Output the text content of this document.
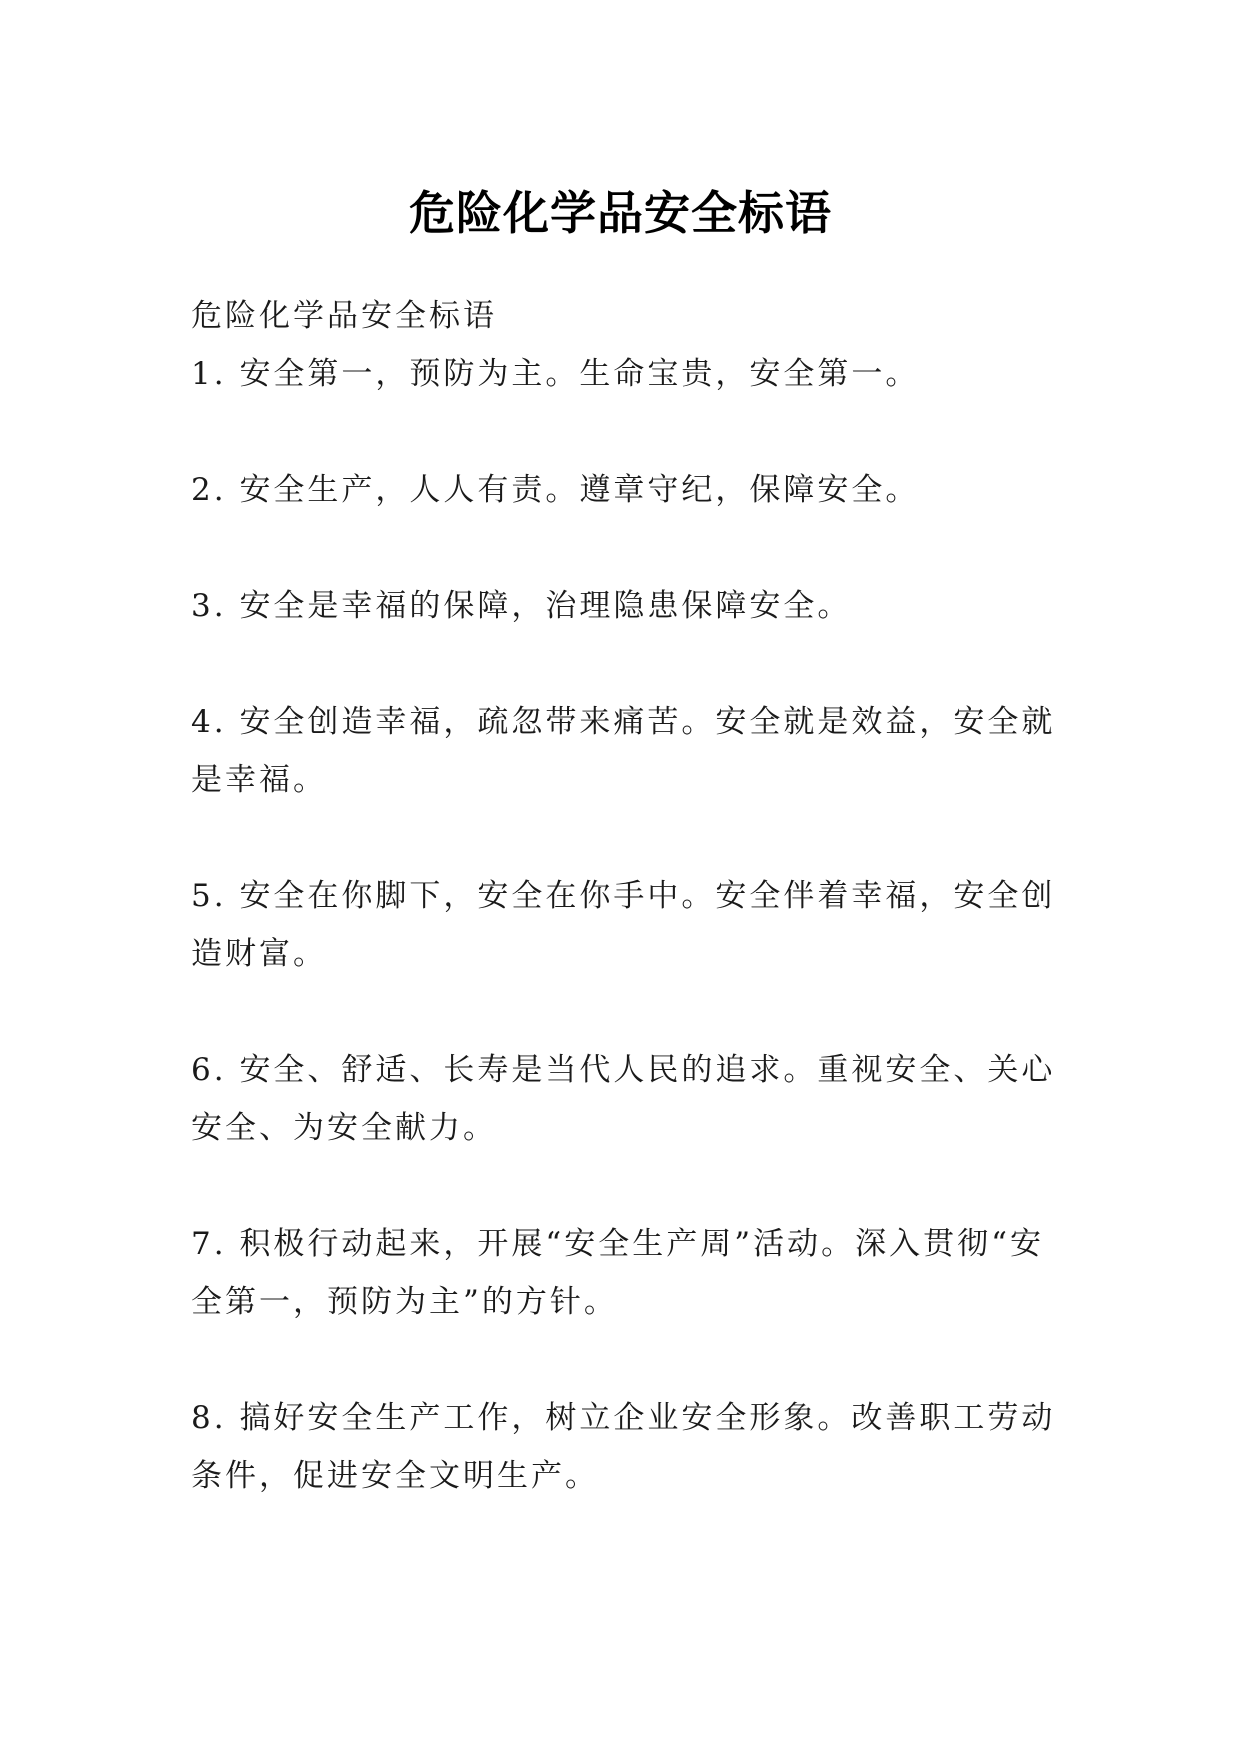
危险化学品安全标语

危险化学品安全标语

1. 安全第一，预防为主。生命宝贵，安全第一。
2. 安全生产，人人有责。遵章守纪，保障安全。
3. 安全是幸福的保障，治理隐患保障安全。
4. 安全创造幸福，疏忽带来痛苦。安全就是效益，安全就是幸福。
5. 安全在你脚下，安全在你手中。安全伴着幸福，安全创造财富。
6. 安全、舒适、长寿是当代人民的追求。重视安全、关心安全、为安全献力。
7. 积极行动起来，开展“安全生产周”活动。深入贯彻“安全第一，预防为主”的方针。
8. 搞好安全生产工作，树立企业安全形象。改善职工劳动条件，促进安全文明生产。
